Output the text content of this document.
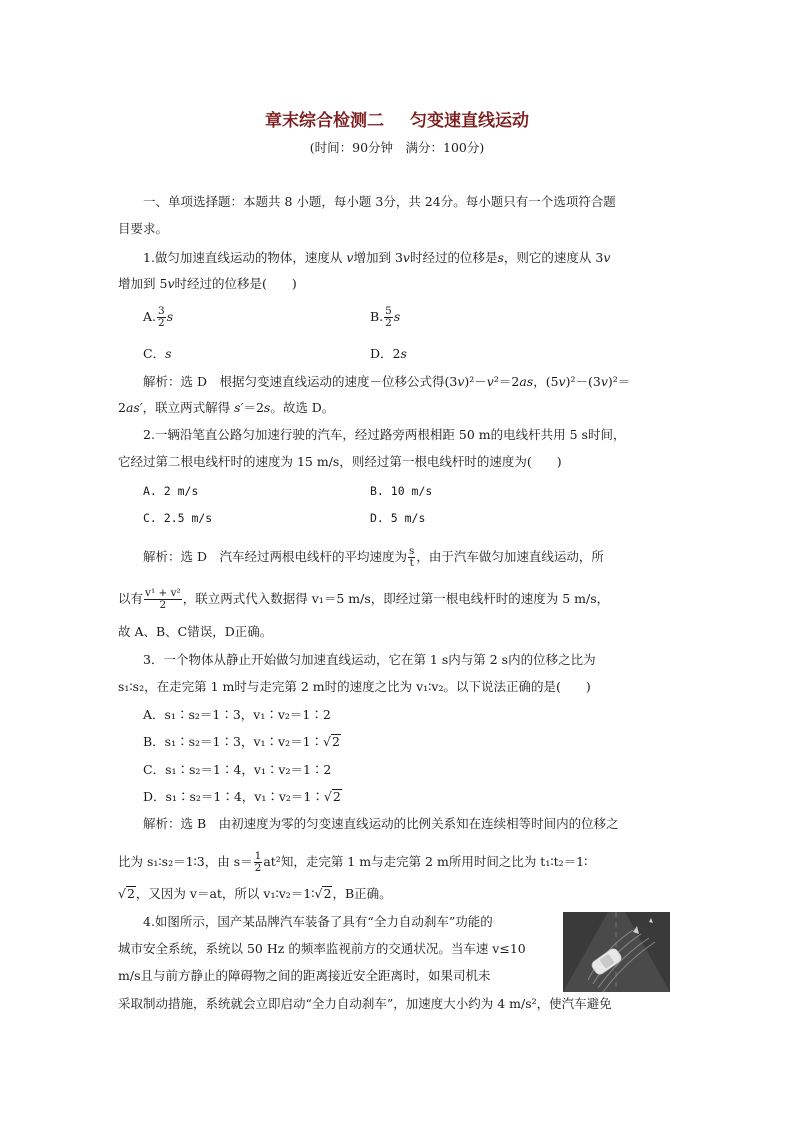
章末综合检测二 匀变速直线运动
(时间：90分钟　满分：100分)
一、单项选择题：本题共 8 小题，每小题 3分，共 24分。每小题只有一个选项符合题
目要求。
1.做匀加速直线运动的物体，速度从 v增加到 3v时经过的位移是s，则它的速度从 3v
增加到 5v时经过的位移是(　　)
A. $\frac{3}{2}$ s	B. $\frac{5}{2}$ s
C．s	D．2s
解析：选 D　根据匀变速直线运动的速度－位移公式得(3v)²－v²＝2as，(5v)²－(3v)²＝
2as′，联立两式解得 s′＝2s。故选 D。
2.一辆沿笔直公路匀加速行驶的汽车，经过路旁两根相距 50 m的电线杆共用 5 s时间，
它经过第二根电线杆时的速度为 15 m/s，则经过第一根电线杆时的速度为(　　)
A. 2 m/s	B. 10 m/s
C. 2.5 m/s	D. 5 m/s
解析：选 D　汽车经过两根电线杆的平均速度为 $\frac{s}{t}$ ，由于汽车做匀加速直线运动，所
以有 $\frac{\text{v¹ + v²}}{2}$ ，联立两式代入数据得 v₁＝5 m/s，即经过第一根电线杆时的速度为 5 m/s，
故 A、B、C错误，D正确。
3．一个物体从静止开始做匀加速直线运动，它在第 1 s内与第 2 s内的位移之比为
s₁∶s₂，在走完第 1 m时与走完第 2 m时的速度之比为 v₁∶v₂。以下说法正确的是(　　)
A．s₁∶s₂＝1∶3，v₁∶v₂＝1∶2
B．s₁∶s₂＝1∶3，v₁∶v₂＝1∶√2
C．s₁∶s₂＝1∶4，v₁∶v₂＝1∶2
D．s₁∶s₂＝1∶4，v₁∶v₂＝1∶√2
解析：选 B　由初速度为零的匀变速直线运动的比例关系知在连续相等时间内的位移之
比为 s₁∶s₂＝1∶3，由 $s= \frac{1}{2} at^2$知，走完第 1 m与走完第 2 m所用时间之比为 t₁∶t₂＝1∶
√2，又因为 v＝at，所以 v₁∶v₂＝1∶√2，B正确。
4.如图所示，国产某品牌汽车装备了具有“全力自动刹车”功能的
城市安全系统，系统以 50 Hz 的频率监视前方的交通状况。当车速 v≤10
m/s且与前方静止的障碍物之间的距离接近安全距离时，如果司机未
采取制动措施，系统就会立即启动“全力自动刹车”，加速度大小约为 4 m/s²，使汽车避免
